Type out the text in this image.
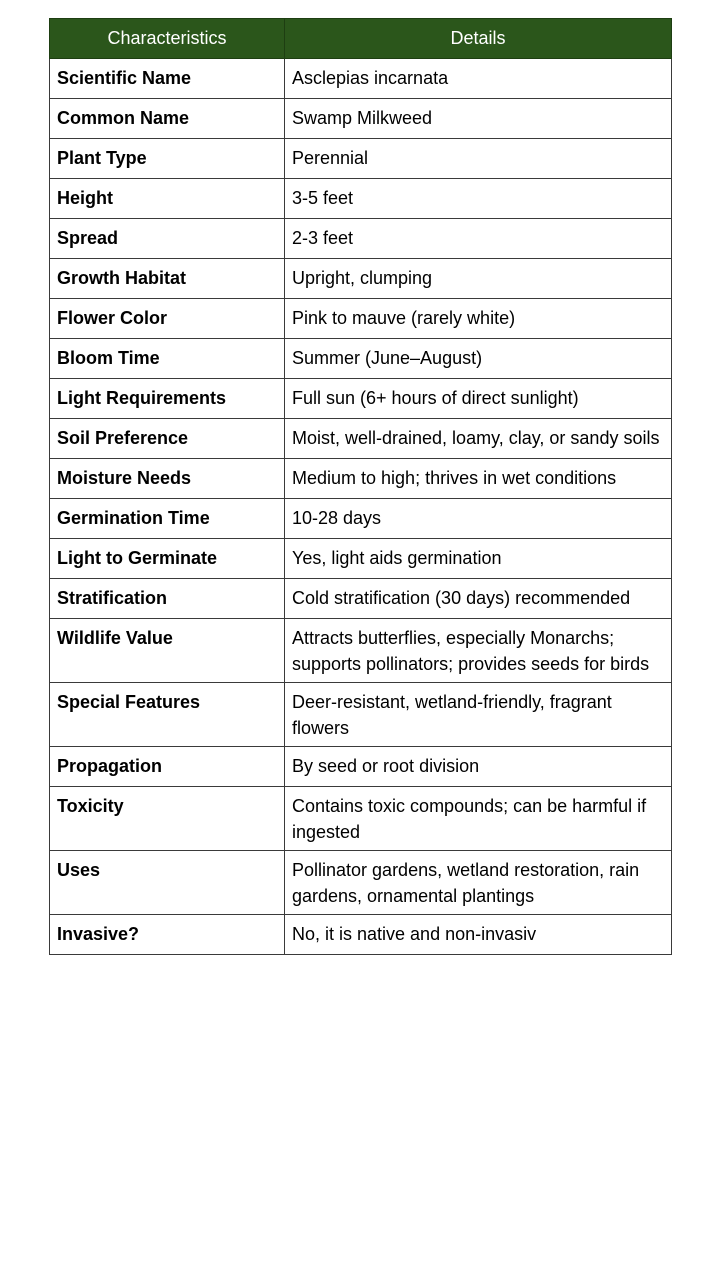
Characteristics	Details
Scientific Name	Asclepias incarnata
Common Name	Swamp Milkweed
Plant Type	Perennial
Height	3-5 feet
Spread	2-3 feet
Growth Habitat	Upright, clumping
Flower Color	Pink to mauve (rarely white)
Bloom Time	Summer (June–August)
Light Requirements	Full sun (6+ hours of direct sunlight)
Soil Preference	Moist, well-drained, loamy, clay, or sandy soils
Moisture Needs	Medium to high; thrives in wet conditions
Germination Time	10-28 days
Light to Germinate	Yes, light aids germination
Stratification	Cold stratification (30 days) recommended
Wildlife Value	Attracts butterflies, especially Monarchs; supports pollinators; provides seeds for birds
Special Features	Deer-resistant, wetland-friendly, fragrant flowers
Propagation	By seed or root division
Toxicity	Contains toxic compounds; can be harmful if ingested
Uses	Pollinator gardens, wetland restoration, rain gardens, ornamental plantings
Invasive?	No, it is native and non-invasiv
